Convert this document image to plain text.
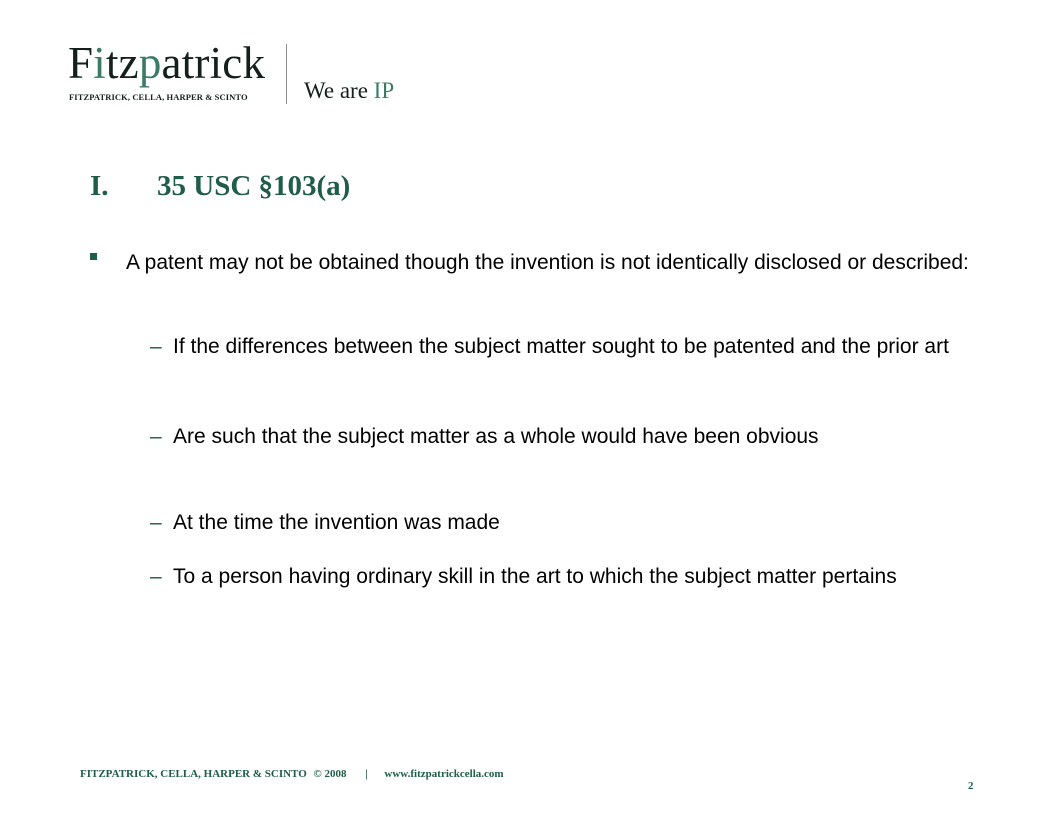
Fitzpatrick
FITZPATRICK, CELLA, HARPER & SCINTO We are IP
I. 35 USC §103(a)
A patent may not be obtained though the invention is not identically disclosed or described:
– If the differences between the subject matter sought to be patented and the prior art
– Are such that the subject matter as a whole would have been obvious
– At the time the invention was made
– To a person having ordinary skill in the art to which the subject matter pertains
FITZPATRICK, CELLA, HARPER & SCINTO © 2008 | www.fitzpatrickcella.com
2
